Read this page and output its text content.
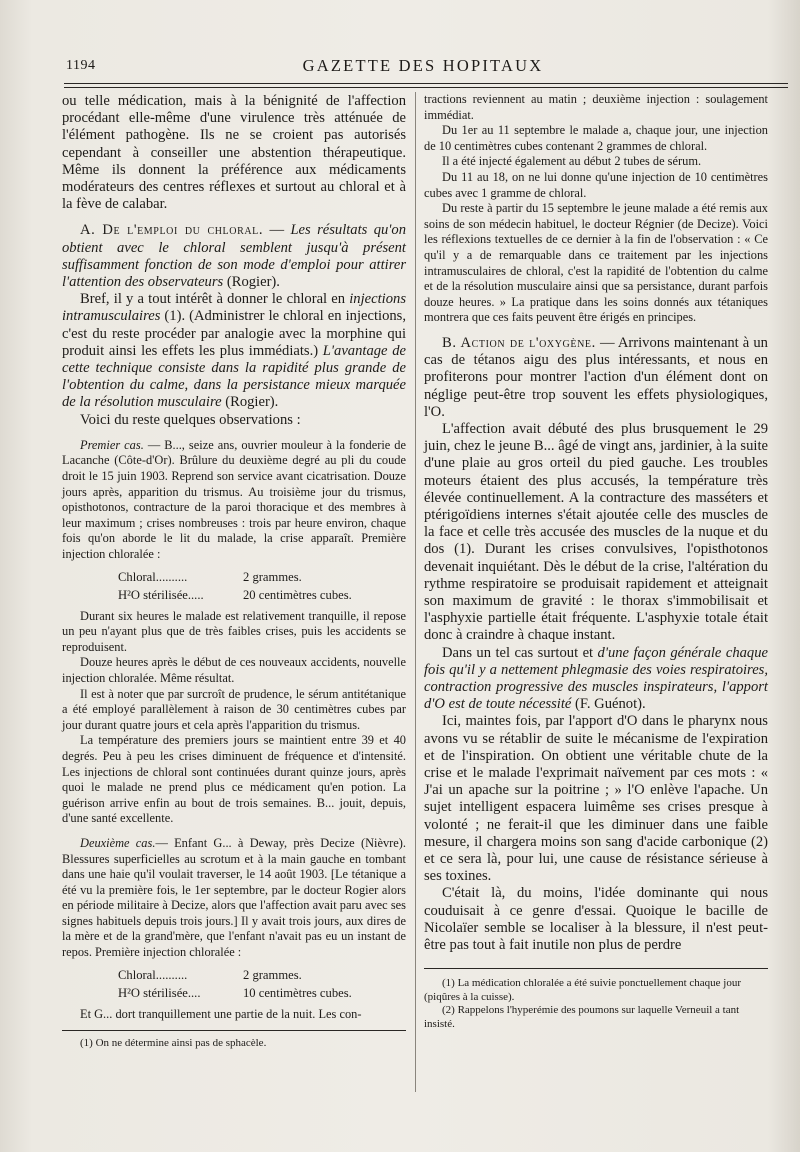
1194	GAZETTE DES HOPITAUX

ou telle médication, mais à la bénignité de l'affection procédant elle-même d'une virulence très atténuée de l'élément pathogène. Ils ne se croient pas autorisés cependant à conseiller une abstention thérapeutique. Même ils donnent la préférence aux médicaments modérateurs des centres réflexes et surtout au chloral et à la fève de calabar.

A. De l'emploi du chloral. — Les résultats qu'on obtient avec le chloral semblent jusqu'à présent suffisamment fonction de son mode d'emploi pour attirer l'attention des observateurs (Rogier).

Bref, il y a tout intérêt à donner le chloral en injections intramusculaires (1). (Administrer le chloral en injections, c'est du reste procéder par analogie avec la morphine qui produit ainsi les effets les plus immédiats.) L'avantage de cette technique consiste dans la rapidité plus grande de l'obtention du calme, dans la persistance mieux marquée de la résolution musculaire (Rogier).

Voici du reste quelques observations :

Premier cas. — B..., seize ans, ouvrier mouleur à la fonderie de Lacanche (Côte-d'Or). Brûlure du deuxième degré au pli du coude droit le 15 juin 1903. Reprend son service avant cicatrisation. Douze jours après, apparition du trismus. Au troisième jour du trismus, opisthotonos, contracture de la paroi thoracique et des membres à leur maximum ; crises nombreuses : trois par heure environ, chaque fois qu'on aborde le lit du malade, la crise apparaît. Première injection chloralée :

Chloral..........	2 grammes.
H²O stérilisée.....	20 centimètres cubes.

Durant six heures le malade est relativement tranquille, il repose un peu n'ayant plus que de très faibles crises, puis les accidents se reproduisent.

Douze heures après le début de ces nouveaux accidents, nouvelle injection chloralée. Même résultat.

Il est à noter que par surcroît de prudence, le sérum antitétanique a été employé parallèlement à raison de 30 centimètres cubes par jour durant quatre jours et cela après l'apparition du trismus.

La température des premiers jours se maintient entre 39 et 40 degrés. Peu à peu les crises diminuent de fréquence et d'intensité. Les injections de chloral sont continuées durant quinze jours, après quoi le malade ne prend plus ce médicament qu'en potion. La guérison arrive enfin au bout de trois semaines. B... jouit, depuis, d'une santé excellente.

Deuxième cas.— Enfant G... à Deway, près Decize (Nièvre). Blessures superficielles au scrotum et à la main gauche en tombant dans une haie qu'il voulait traverser, le 14 août 1903. [Le tétanique a été vu la première fois, le 1er septembre, par le docteur Rogier alors en période militaire à Decize, alors que l'affection avait paru avec ses signes habituels depuis trois jours.] Il y avait trois jours, aux dires de la mère et de la grand'mère, que l'enfant n'avait pas eu un instant de repos. Première injection chloralée :

Chloral..........	2 grammes.
H²O stérilisée....	10 centimètres cubes.

Et G... dort tranquillement une partie de la nuit. Les con-

(1) On ne détermine ainsi pas de sphacèle.

tractions reviennent au matin ; deuxième injection : soulagement immédiat.

Du 1er au 11 septembre le malade a, chaque jour, une injection de 10 centimètres cubes contenant 2 grammes de chloral.

Il a été injecté également au début 2 tubes de sérum.

Du 11 au 18, on ne lui donne qu'une injection de 10 centimètres cubes avec 1 gramme de chloral.

Du reste à partir du 15 septembre le jeune malade a été remis aux soins de son médecin habituel, le docteur Régnier (de Decize). Voici les réflexions textuelles de ce dernier à la fin de l'observation : « Ce qu'il y a de remarquable dans ce traitement par les injections intramusculaires de chloral, c'est la rapidité de l'obtention du calme et de la résolution musculaire ainsi que sa persistance, durant parfois douze heures. » La pratique dans les soins donnés aux tétaniques montrera que ces faits peuvent être érigés en principes.

B. Action de l'oxygène. — Arrivons maintenant à un cas de tétanos aigu des plus intéressants, et nous en profiterons pour montrer l'action d'un élément dont on néglige peut-être trop souvent les effets physiologiques, l'O.

L'affection avait débuté des plus brusquement le 29 juin, chez le jeune B... âgé de vingt ans, jardinier, à la suite d'une plaie au gros orteil du pied gauche. Les troubles moteurs étaient des plus accusés, la température très élevée continuellement. A la contracture des masséters et ptérigoïdiens internes s'était ajoutée celle des muscles de la face et celle très accusée des muscles de la nuque et du dos (1). Durant les crises convulsives, l'opisthotonos devenait inquiétant. Dès le début de la crise, l'altération du rythme respiratoire se produisait rapidement et atteignait son maximum de gravité : le thorax s'immobilisait et l'asphyxie partielle était fréquente. L'asphyxie totale était donc à craindre à chaque instant.

Dans un tel cas surtout et d'une façon générale chaque fois qu'il y a nettement phlegmasie des voies respiratoires, contraction progressive des muscles inspirateurs, l'apport d'O est de toute nécessité (F. Guénot).

Ici, maintes fois, par l'apport d'O dans le pharynx nous avons vu se rétablir de suite le mécanisme de l'expiration et de l'inspiration. On obtient une véritable chute de la crise et le malade l'exprimait naïvement par ces mots : « J'ai un apache sur la poitrine ; » l'O enlève l'apache. Un sujet intelligent espacera luimême ses crises presque à volonté ; ne ferait-il que les diminuer dans une faible mesure, il chargera moins son sang d'acide carbonique (2) et ce sera là, pour lui, une cause de résistance sérieuse à ses toxines.

C'était là, du moins, l'idée dominante qui nous couduisait à ce genre d'essai. Quoique le bacille de Nicolaïer semble se localiser à la blessure, il n'est peut-être pas tout à fait inutile non plus de perdre

(1) La médication chloralée a été suivie ponctuellement chaque jour (piqûres à la cuisse).

(2) Rappelons l'hyperémie des poumons sur laquelle Verneuil a tant insisté.
